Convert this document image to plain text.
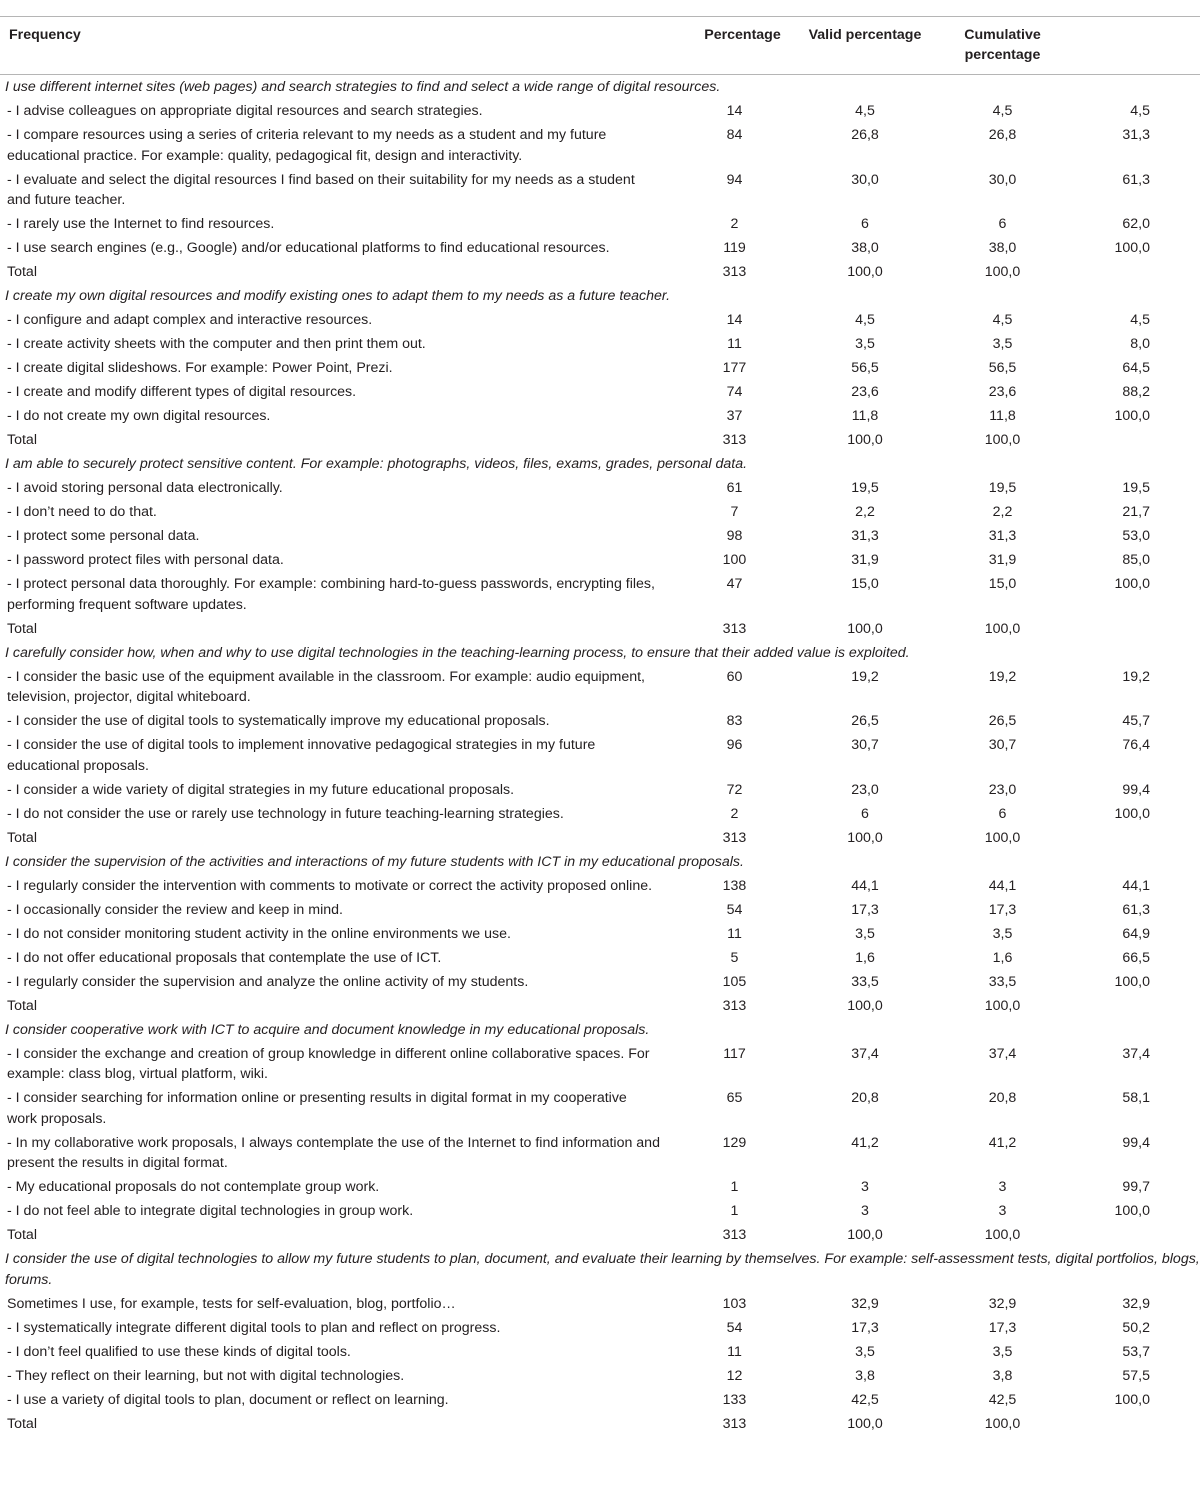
Frequency	Percentage	Valid percentage	Cumulative percentage	
I use different internet sites (web pages) and search strategies to find and select a wide range of digital resources.				
- I advise colleagues on appropriate digital resources and search strategies.	14	4,5	4,5	4,5
- I compare resources using a series of criteria relevant to my needs as a student and my future educational practice. For example: quality, pedagogical fit, design and interactivity.	84	26,8	26,8	31,3
- I evaluate and select the digital resources I find based on their suitability for my needs as a student and future teacher.	94	30,0	30,0	61,3
- I rarely use the Internet to find resources.	2	6	6	62,0
- I use search engines (e.g., Google) and/or educational platforms to find educational resources.	119	38,0	38,0	100,0
Total	313	100,0	100,0	
I create my own digital resources and modify existing ones to adapt them to my needs as a future teacher.				
- I configure and adapt complex and interactive resources.	14	4,5	4,5	4,5
- I create activity sheets with the computer and then print them out.	11	3,5	3,5	8,0
- I create digital slideshows. For example: Power Point, Prezi.	177	56,5	56,5	64,5
- I create and modify different types of digital resources.	74	23,6	23,6	88,2
- I do not create my own digital resources.	37	11,8	11,8	100,0
Total	313	100,0	100,0	
I am able to securely protect sensitive content. For example: photographs, videos, files, exams, grades, personal data.				
- I avoid storing personal data electronically.	61	19,5	19,5	19,5
- I don’t need to do that.	7	2,2	2,2	21,7
- I protect some personal data.	98	31,3	31,3	53,0
- I password protect files with personal data.	100	31,9	31,9	85,0
- I protect personal data thoroughly. For example: combining hard-to-guess passwords, encrypting files, performing frequent software updates.	47	15,0	15,0	100,0
Total	313	100,0	100,0	
I carefully consider how, when and why to use digital technologies in the teaching-learning process, to ensure that their added value is exploited.				
- I consider the basic use of the equipment available in the classroom. For example: audio equipment, television, projector, digital whiteboard.	60	19,2	19,2	19,2
- I consider the use of digital tools to systematically improve my educational proposals.	83	26,5	26,5	45,7
- I consider the use of digital tools to implement innovative pedagogical strategies in my future educational proposals.	96	30,7	30,7	76,4
- I consider a wide variety of digital strategies in my future educational proposals.	72	23,0	23,0	99,4
- I do not consider the use or rarely use technology in future teaching-learning strategies.	2	6	6	100,0
Total	313	100,0	100,0	
I consider the supervision of the activities and interactions of my future students with ICT in my educational proposals.				
- I regularly consider the intervention with comments to motivate or correct the activity proposed online.	138	44,1	44,1	44,1
- I occasionally consider the review and keep in mind.	54	17,3	17,3	61,3
- I do not consider monitoring student activity in the online environments we use.	11	3,5	3,5	64,9
- I do not offer educational proposals that contemplate the use of ICT.	5	1,6	1,6	66,5
- I regularly consider the supervision and analyze the online activity of my students.	105	33,5	33,5	100,0
Total	313	100,0	100,0	
I consider cooperative work with ICT to acquire and document knowledge in my educational proposals.				
- I consider the exchange and creation of group knowledge in different online collaborative spaces. For example: class blog, virtual platform, wiki.	117	37,4	37,4	37,4
- I consider searching for information online or presenting results in digital format in my cooperative work proposals.	65	20,8	20,8	58,1
- In my collaborative work proposals, I always contemplate the use of the Internet to find information and present the results in digital format.	129	41,2	41,2	99,4
- My educational proposals do not contemplate group work.	1	3	3	99,7
- I do not feel able to integrate digital technologies in group work.	1	3	3	100,0
Total	313	100,0	100,0	
I consider the use of digital technologies to allow my future students to plan, document, and evaluate their learning by themselves. For example: self-assessment tests, digital portfolios, blogs, forums.				
Sometimes I use, for example, tests for self-evaluation, blog, portfolio…	103	32,9	32,9	32,9
- I systematically integrate different digital tools to plan and reflect on progress.	54	17,3	17,3	50,2
- I don’t feel qualified to use these kinds of digital tools.	11	3,5	3,5	53,7
- They reflect on their learning, but not with digital technologies.	12	3,8	3,8	57,5
- I use a variety of digital tools to plan, document or reflect on learning.	133	42,5	42,5	100,0
Total	313	100,0	100,0	
